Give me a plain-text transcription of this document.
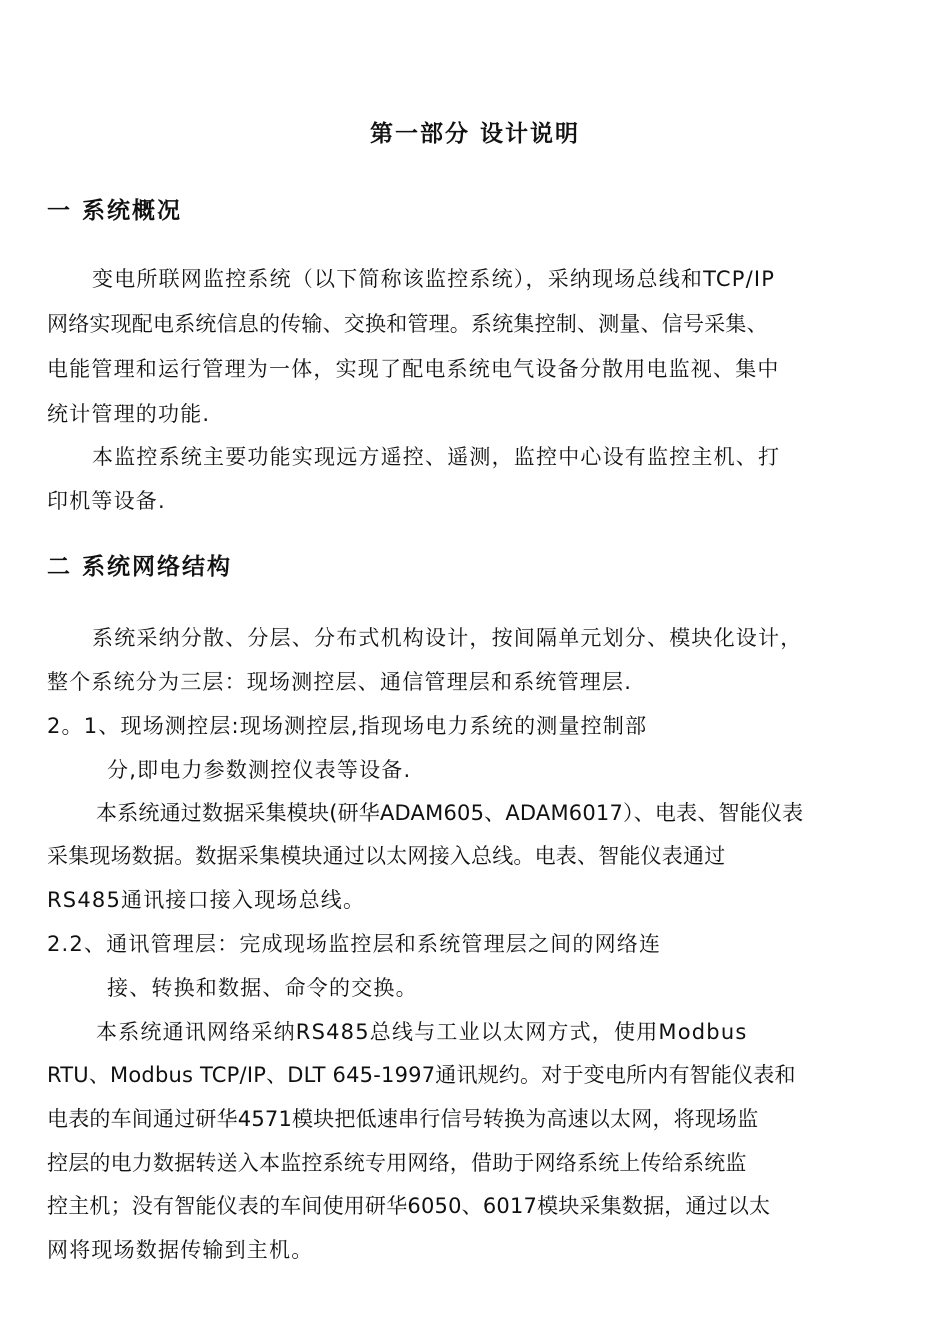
第一部分 设计说明
一 系统概况
变电所联网监控系统（以下简称该监控系统），采纳现场总线和TCP/IP
网络实现配电系统信息的传输、交换和管理。系统集控制、测量、信号采集、
电能管理和运行管理为一体，实现了配电系统电气设备分散用电监视、集中
统计管理的功能.
本监控系统主要功能实现远方遥控、遥测，监控中心设有监控主机、打
印机等设备.
二 系统网络结构
系统采纳分散、分层、分布式机构设计，按间隔单元划分、模块化设计，
整个系统分为三层：现场测控层、通信管理层和系统管理层.
2。1、现场测控层:现场测控层,指现场电力系统的测量控制部
分,即电力参数测控仪表等设备.
本系统通过数据采集模块(研华ADAM605、ADAM6017）、电表、智能仪表
采集现场数据。数据采集模块通过以太网接入总线。电表、智能仪表通过
RS485通讯接口接入现场总线。
2.2、通讯管理层：完成现场监控层和系统管理层之间的网络连
接、转换和数据、命令的交换。
本系统通讯网络采纳RS485总线与工业以太网方式，使用Modbus
RTU、Modbus TCP/IP、DLT 645-1997通讯规约。对于变电所内有智能仪表和
电表的车间通过研华4571模块把低速串行信号转换为高速以太网，将现场监
控层的电力数据转送入本监控系统专用网络，借助于网络系统上传给系统监
控主机；没有智能仪表的车间使用研华6050、6017模块采集数据，通过以太
网将现场数据传输到主机。
